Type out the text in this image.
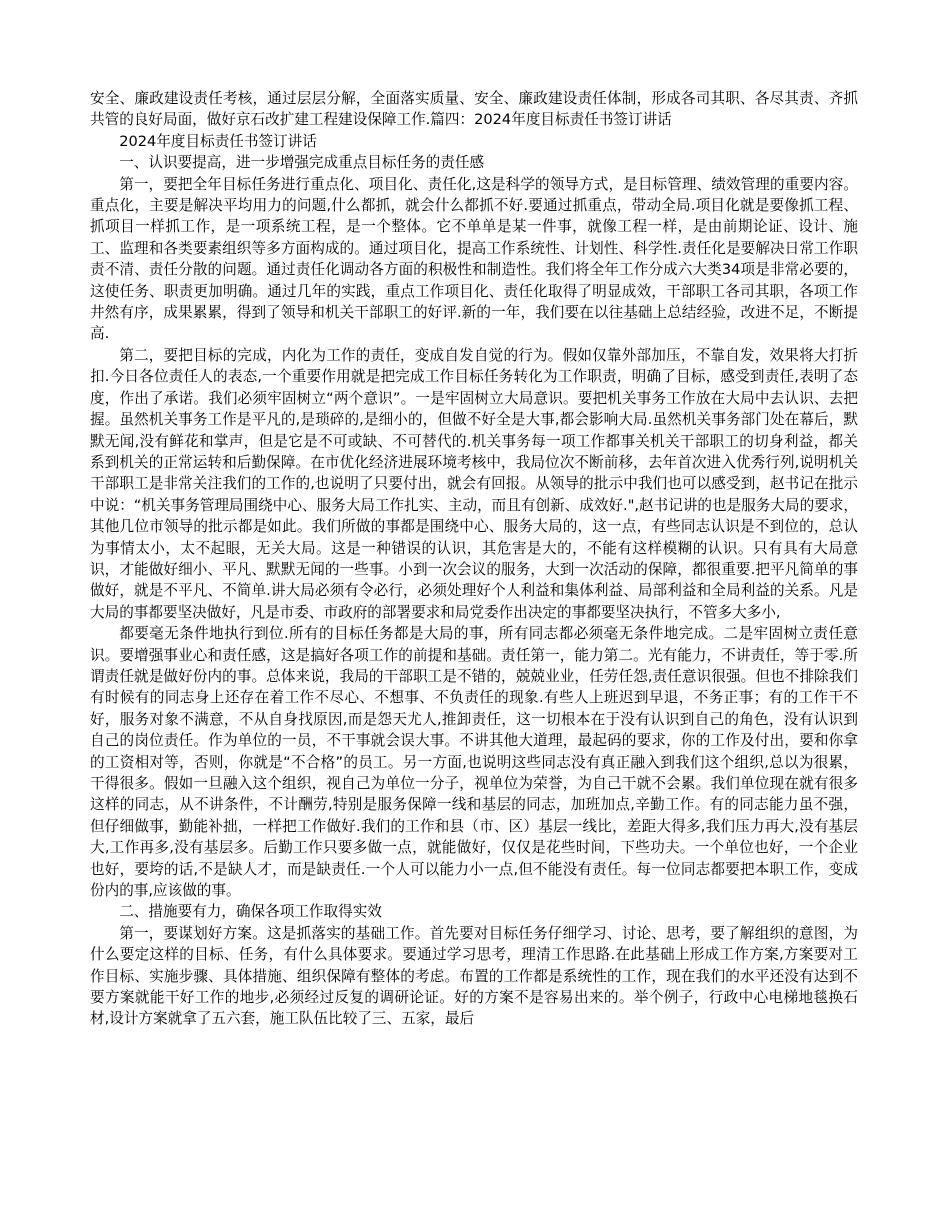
安全、廉政建设责任考核，通过层层分解，全面落实质量、安全、廉政建设责任体制，形成各司其职、各尽其责、齐抓共管的良好局面，做好京石改扩建工程建设保障工作.篇四：2024年度目标责任书签订讲话

2024年度目标责任书签订讲话

一、认识要提高，进一步增强完成重点目标任务的责任感

第一，要把全年目标任务进行重点化、项目化、责任化,这是科学的领导方式，是目标管理、绩效管理的重要内容。重点化，主要是解决平均用力的问题,什么都抓，就会什么都抓不好.要通过抓重点，带动全局.项目化就是要像抓工程、抓项目一样抓工作，是一项系统工程，是一个整体。它不单单是某一件事，就像工程一样，是由前期论证、设计、施工、监理和各类要素组织等多方面构成的。通过项目化，提高工作系统性、计划性、科学性.责任化是要解决日常工作职责不清、责任分散的问题。通过责任化调动各方面的积极性和制造性。我们将全年工作分成六大类34项是非常必要的，这使任务、职责更加明确。通过几年的实践，重点工作项目化、责任化取得了明显成效，干部职工各司其职，各项工作井然有序，成果累累，得到了领导和机关干部职工的好评.新的一年，我们要在以往基础上总结经验，改进不足，不断提高.

第二，要把目标的完成，内化为工作的责任，变成自发自觉的行为。假如仅靠外部加压，不靠自发，效果将大打折扣.今日各位责任人的表态,一个重要作用就是把完成工作目标任务转化为工作职责，明确了目标，感受到责任,表明了态度，作出了承诺。我们必须牢固树立“两个意识”。一是牢固树立大局意识。要把机关事务工作放在大局中去认识、去把握。虽然机关事务工作是平凡的,是琐碎的,是细小的，但做不好全是大事,都会影响大局.虽然机关事务部门处在幕后，默默无闻,没有鲜花和掌声，但是它是不可或缺、不可替代的.机关事务每一项工作都事关机关干部职工的切身利益，都关系到机关的正常运转和后勤保障。在市优化经济进展环境考核中，我局位次不断前移，去年首次进入优秀行列,说明机关干部职工是非常关注我们的工作的,也说明了只要付出，就会有回报。从领导的批示中我们也可以感受到，赵书记在批示中说：“机关事务管理局围绕中心、服务大局工作扎实、主动，而且有创新、成效好.",赵书记讲的也是服务大局的要求，其他几位市领导的批示都是如此。我们所做的事都是围绕中心、服务大局的，这一点，有些同志认识是不到位的，总认为事情太小，太不起眼，无关大局。这是一种错误的认识，其危害是大的，不能有这样模糊的认识。只有具有大局意识，才能做好细小、平凡、默默无闻的一些事。小到一次会议的服务，大到一次活动的保障，都很重要.把平凡简单的事做好，就是不平凡、不简单.讲大局必须有令必行，必须处理好个人利益和集体利益、局部利益和全局利益的关系。凡是大局的事都要坚决做好，凡是市委、市政府的部署要求和局党委作出决定的事都要坚决执行，不管多大多小,

都要毫无条件地执行到位.所有的目标任务都是大局的事，所有同志都必须毫无条件地完成。二是牢固树立责任意识。要增强事业心和责任感，这是搞好各项工作的前提和基础。责任第一，能力第二。光有能力，不讲责任，等于零.所谓责任就是做好份内的事。总体来说，我局的干部职工是不错的，兢兢业业，任劳任怨,责任意识很强。但也不排除我们有时候有的同志身上还存在着工作不尽心、不想事、不负责任的现象.有些人上班迟到早退，不务正事；有的工作干不好，服务对象不满意，不从自身找原因,而是怨天尤人,推卸责任，这一切根本在于没有认识到自己的角色，没有认识到自己的岗位责任。作为单位的一员，不干事就会误大事。不讲其他大道理，最起码的要求，你的工作及付出，要和你拿的工资相对等，否则，你就是“不合格”的员工。另一方面,也说明这些同志没有真正融入到我们这个组织,总以为很累，干得很多。假如一旦融入这个组织，视自己为单位一分子，视单位为荣誉，为自己干就不会累。我们单位现在就有很多这样的同志，从不讲条件，不计酬劳,特别是服务保障一线和基层的同志，加班加点,辛勤工作。有的同志能力虽不强，但仔细做事，勤能补拙，一样把工作做好.我们的工作和县（市、区）基层一线比，差距大得多,我们压力再大,没有基层大,工作再多,没有基层多。后勤工作只要多做一点，就能做好，仅仅是花些时间，下些功夫。一个单位也好，一个企业也好，要垮的话,不是缺人才，而是缺责任.一个人可以能力小一点,但不能没有责任。每一位同志都要把本职工作，变成份内的事,应该做的事。

二、措施要有力，确保各项工作取得实效

第一，要谋划好方案。这是抓落实的基础工作。首先要对目标任务仔细学习、讨论、思考，要了解组织的意图，为什么要定这样的目标、任务，有什么具体要求。要通过学习思考，理清工作思路.在此基础上形成工作方案,方案要对工作目标、实施步骤、具体措施、组织保障有整体的考虑。布置的工作都是系统性的工作，现在我们的水平还没有达到不要方案就能干好工作的地步,必须经过反复的调研论证。好的方案不是容易出来的。举个例子，行政中心电梯地毯换石材,设计方案就拿了五六套，施工队伍比较了三、五家，最后
